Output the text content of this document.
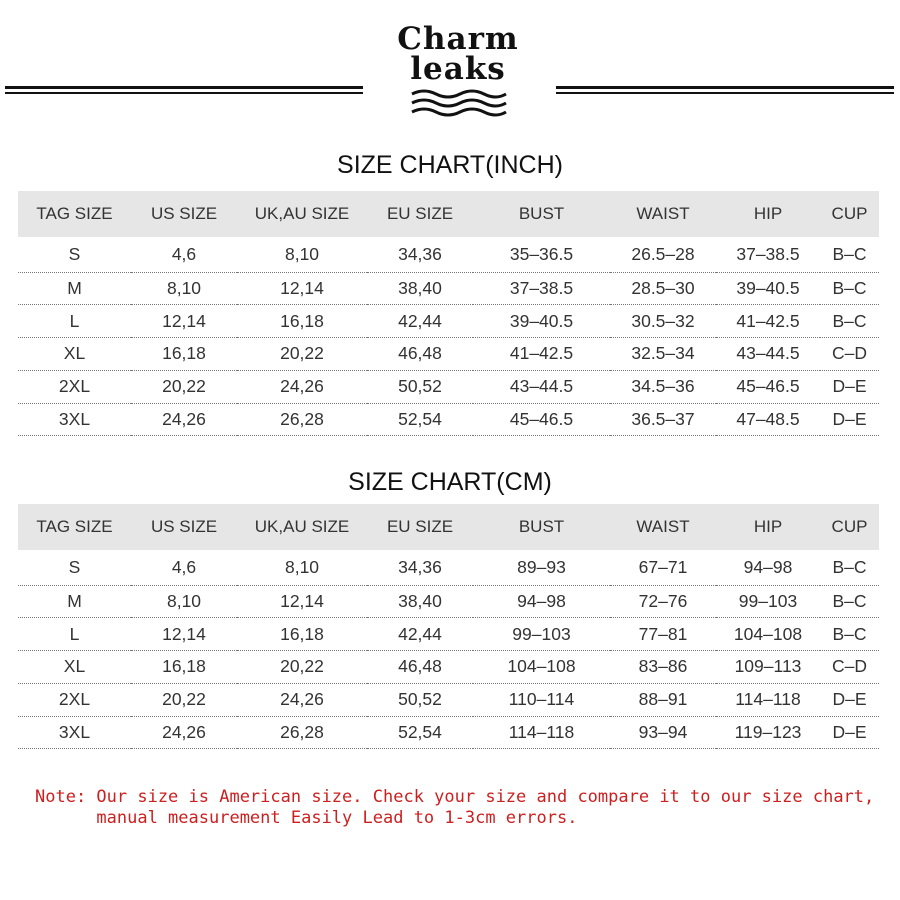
Charm
leaks
SIZE CHART(INCH)
TAG SIZE	US SIZE	UK,AU SIZE	EU SIZE	BUST	WAIST	HIP	CUP
S	4,6	8,10	34,36	35–36.5	26.5–28	37–38.5	B–C
M	8,10	12,14	38,40	37–38.5	28.5–30	39–40.5	B–C
L	12,14	16,18	42,44	39–40.5	30.5–32	41–42.5	B–C
XL	16,18	20,22	46,48	41–42.5	32.5–34	43–44.5	C–D
2XL	20,22	24,26	50,52	43–44.5	34.5–36	45–46.5	D–E
3XL	24,26	26,28	52,54	45–46.5	36.5–37	47–48.5	D–E
SIZE CHART(CM)
TAG SIZE	US SIZE	UK,AU SIZE	EU SIZE	BUST	WAIST	HIP	CUP
S	4,6	8,10	34,36	89–93	67–71	94–98	B–C
M	8,10	12,14	38,40	94–98	72–76	99–103	B–C
L	12,14	16,18	42,44	99–103	77–81	104–108	B–C
XL	16,18	20,22	46,48	104–108	83–86	109–113	C–D
2XL	20,22	24,26	50,52	110–114	88–91	114–118	D–E
3XL	24,26	26,28	52,54	114–118	93–94	119–123	D–E
Note: Our size is American size. Check your size and compare it to our size chart,
manual measurement Easily Lead to 1-3cm errors.
